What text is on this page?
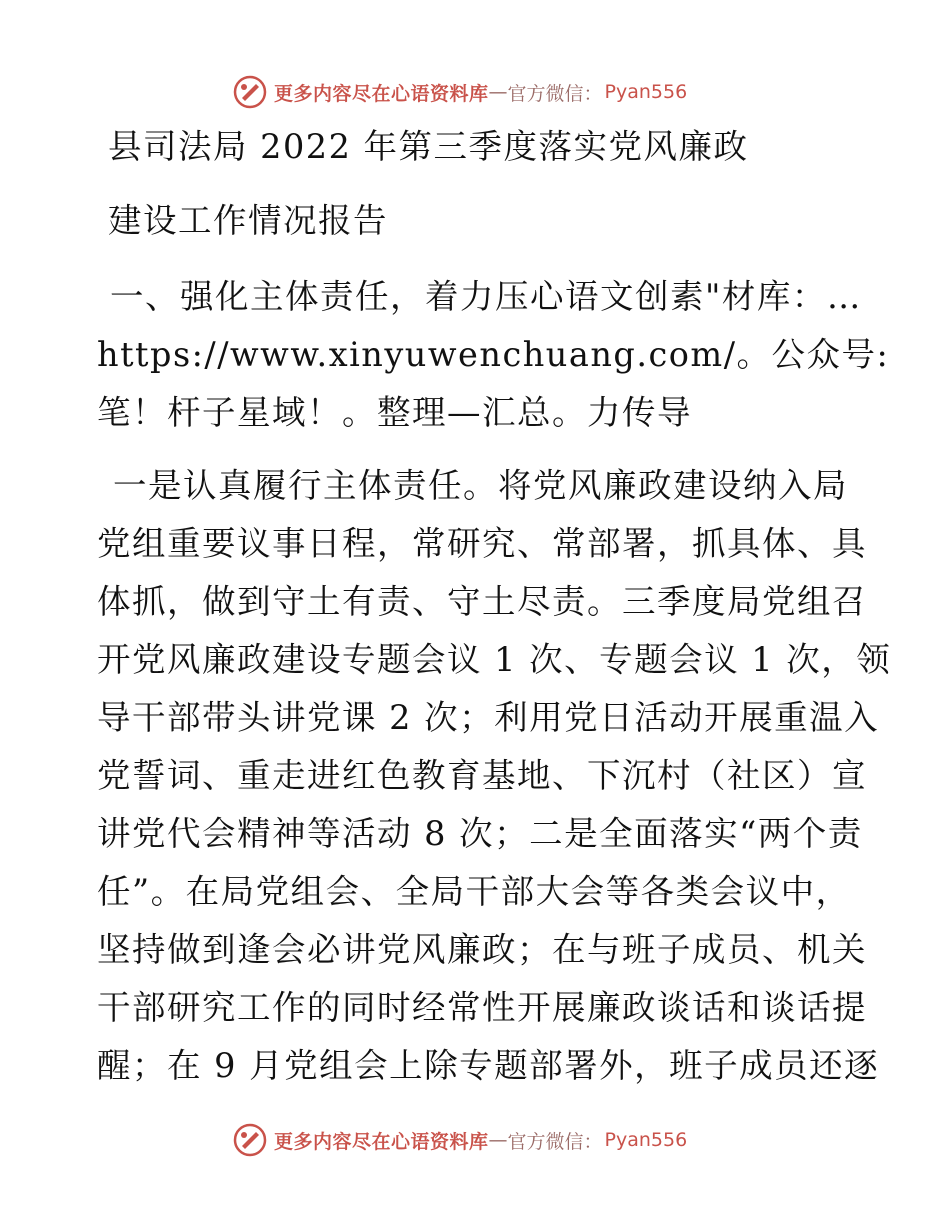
更多内容尽在心语资料库 — 官方微信： Pyan556
县司法局 2022 年第三季度落实党风廉政
建设工作情况报告
一、强化主体责任，着力压心语文创素"材库：…
https://www.xinyuwenchuang.com/。公众号:
笔！杆子星域！。整理—汇总。力传导
一是认真履行主体责任。将党风廉政建设纳入局
党组重要议事日程，常研究、常部署，抓具体、具
体抓，做到守土有责、守土尽责。三季度局党组召
开党风廉政建设专题会议 1 次、专题会议 1 次，领
导干部带头讲党课 2 次；利用党日活动开展重温入
党誓词、重走进红色教育基地、下沉村（社区）宣
讲党代会精神等活动 8 次；二是全面落实“两个责
任”。在局党组会、全局干部大会等各类会议中，
坚持做到逢会必讲党风廉政；在与班子成员、机关
干部研究工作的同时经常性开展廉政谈话和谈话提
醒；在 9 月党组会上除专题部署外，班子成员还逐
更多内容尽在心语资料库 — 官方微信： Pyan556
